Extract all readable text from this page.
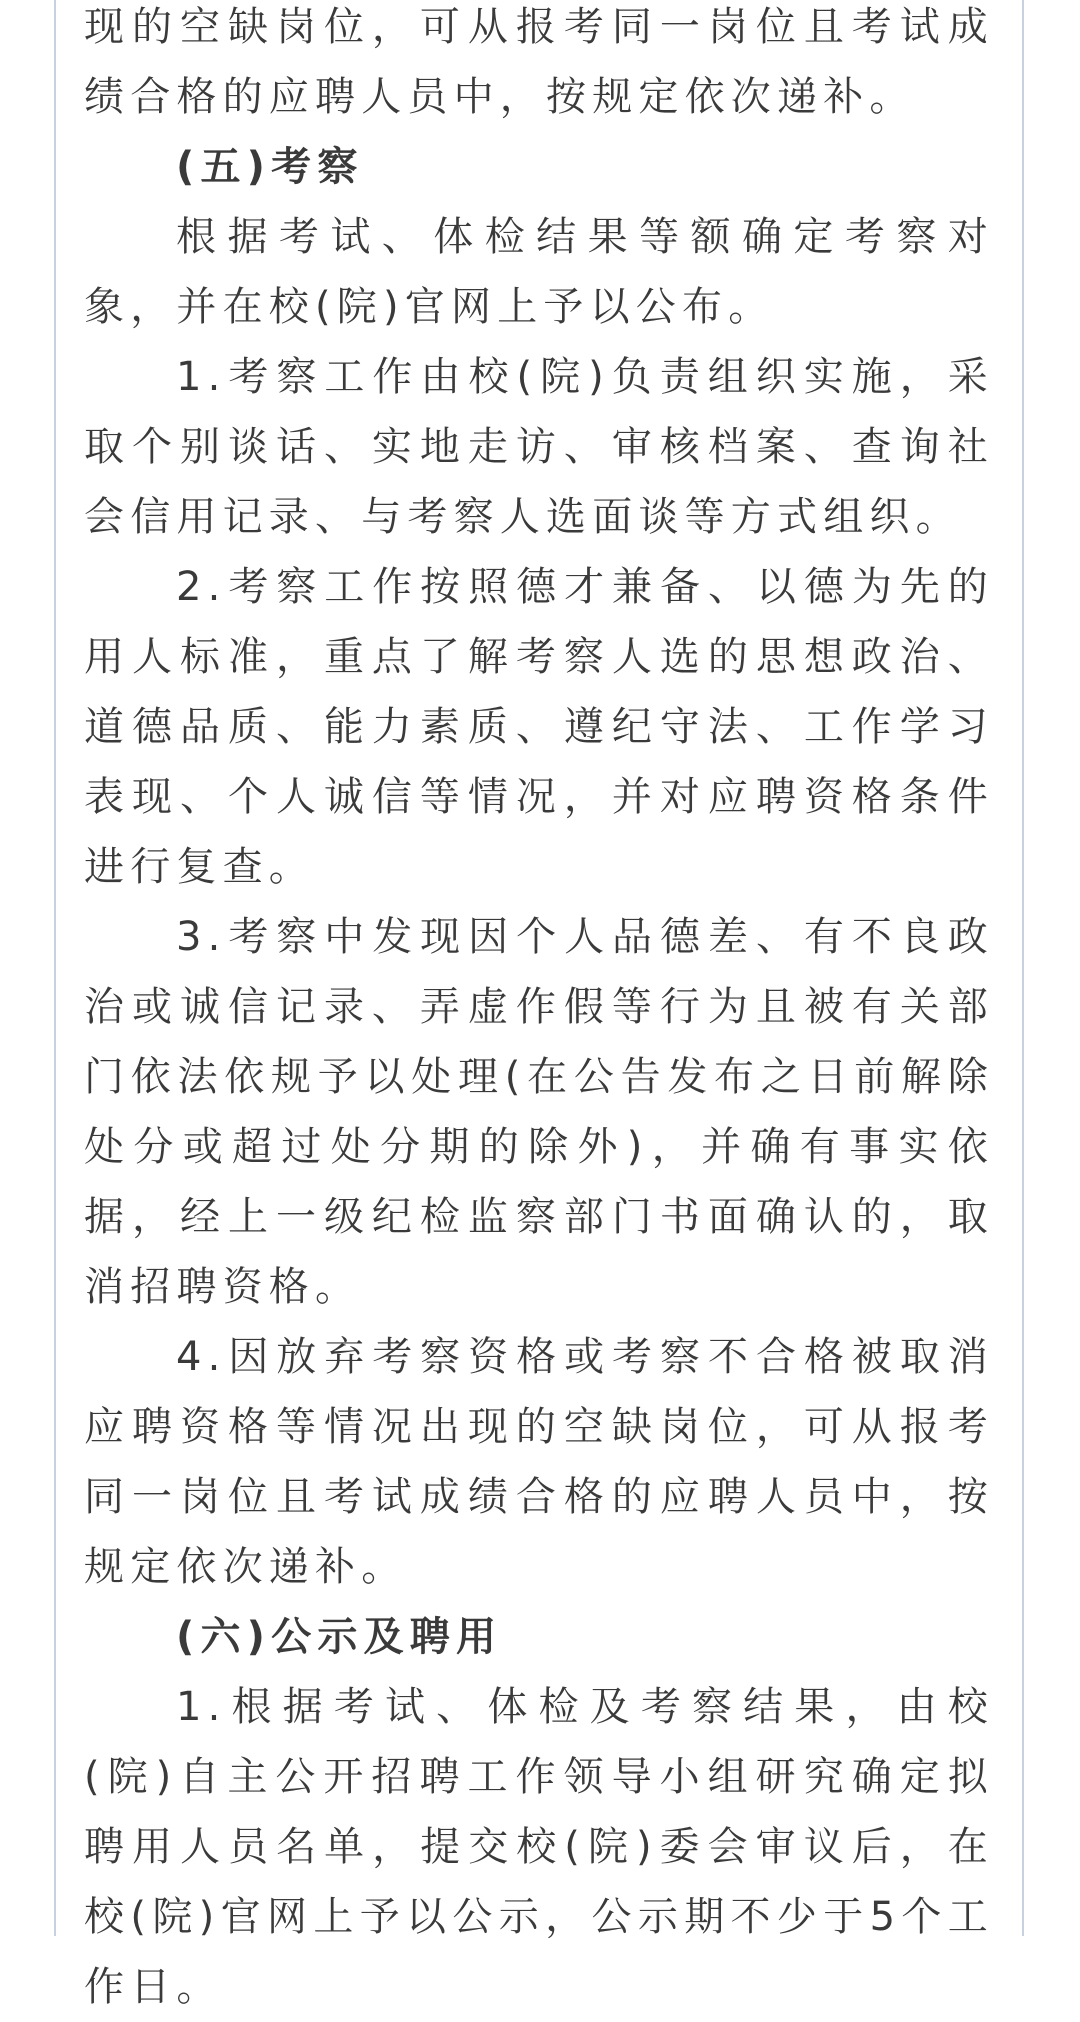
现的空缺岗位，可从报考同一岗位且考试成绩合格的应聘人员中，按规定依次递补。

(五)考察

根据考试、体检结果等额确定考察对象，并在校(院)官网上予以公布。

1.考察工作由校(院)负责组织实施，采取个别谈话、实地走访、审核档案、查询社会信用记录、与考察人选面谈等方式组织。

2.考察工作按照德才兼备、以德为先的用人标准，重点了解考察人选的思想政治、道德品质、能力素质、遵纪守法、工作学习表现、个人诚信等情况，并对应聘资格条件进行复查。

3.考察中发现因个人品德差、有不良政治或诚信记录、弄虚作假等行为且被有关部门依法依规予以处理(在公告发布之日前解除处分或超过处分期的除外)，并确有事实依据，经上一级纪检监察部门书面确认的，取消招聘资格。

4.因放弃考察资格或考察不合格被取消应聘资格等情况出现的空缺岗位，可从报考同一岗位且考试成绩合格的应聘人员中，按规定依次递补。

(六)公示及聘用

1.根据考试、体检及考察结果，由校(院)自主公开招聘工作领导小组研究确定拟聘用人员名单，提交校(院)委会审议后，在校(院)官网上予以公示，公示期不少于5个工作日。
